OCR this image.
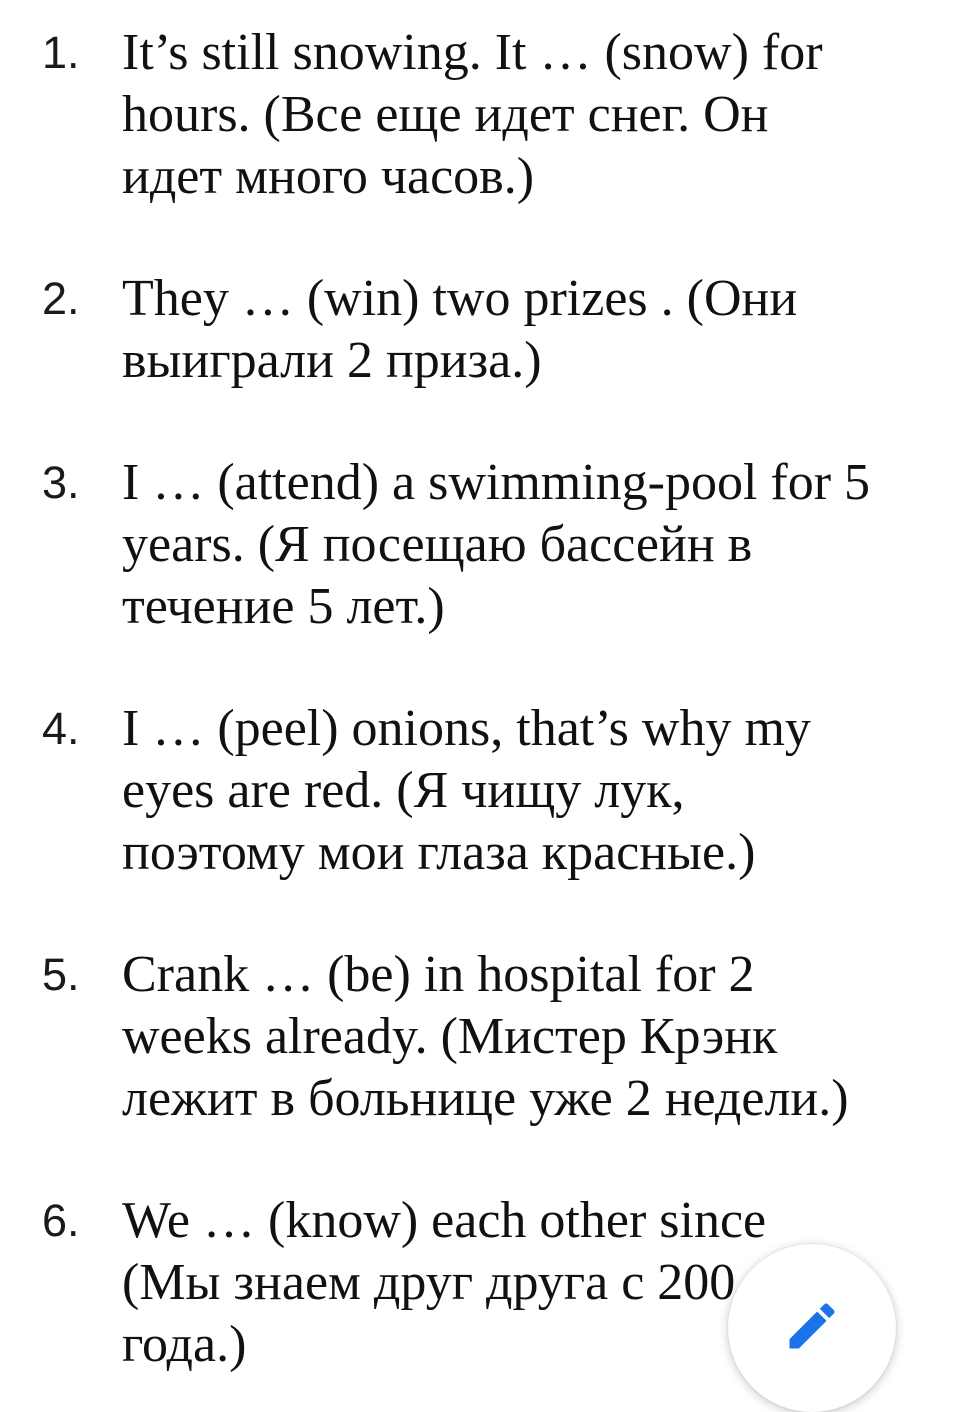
1. It’s still snowing. It … (snow) for
hours. (Все еще идет снег. Он
идет много часов.)
2. They … (win) two prizes . (Они
выиграли 2 приза.)
3. I … (attend) a swimming-pool for 5
years. (Я посещаю бассейн в
течение 5 лет.)
4. I … (peel) onions, that’s why my
eyes are red. (Я чищу лук,
поэтому мои глаза красные.)
5. Crank … (be) in hospital for 2
weeks already. (Мистер Крэнк
лежит в больнице уже 2 недели.)
6. We … (know) each other since
(Мы знаем друг друга с 200
года.)
